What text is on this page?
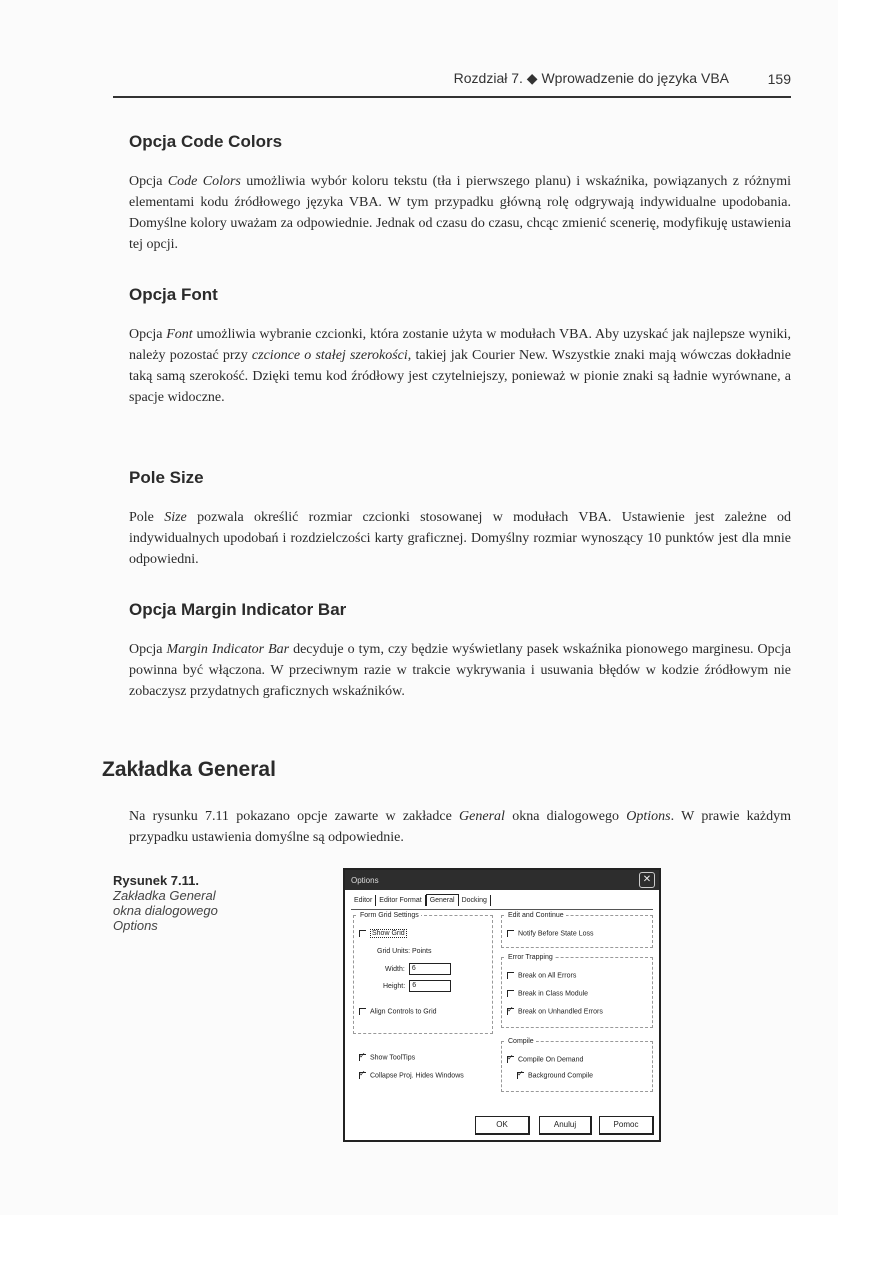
Rozdział 7. ◆ Wprowadzenie do języka VBA	159
Opcja Code Colors

Opcja Code Colors umożliwia wybór koloru tekstu (tła i pierwszego planu) i wskaźnika, powiązanych z różnymi elementami kodu źródłowego języka VBA. W tym przypadku główną rolę odgrywają indywidualne upodobania. Domyślne kolory uważam za odpowiednie. Jednak od czasu do czasu, chcąc zmienić scenerię, modyfikuję ustawienia tej opcji.

Opcja Font

Opcja Font umożliwia wybranie czcionki, która zostanie użyta w modułach VBA. Aby uzyskać jak najlepsze wyniki, należy pozostać przy czcionce o stałej szerokości, takiej jak Courier New. Wszystkie znaki mają wówczas dokładnie taką samą szerokość. Dzięki temu kod źródłowy jest czytelniejszy, ponieważ w pionie znaki są ładnie wyrównane, a spacje widoczne.

Pole Size

Pole Size pozwala określić rozmiar czcionki stosowanej w modułach VBA. Ustawienie jest zależne od indywidualnych upodobań i rozdzielczości karty graficznej. Domyślny rozmiar wynoszący 10 punktów jest dla mnie odpowiedni.

Opcja Margin Indicator Bar

Opcja Margin Indicator Bar decyduje o tym, czy będzie wyświetlany pasek wskaźnika pionowego marginesu. Opcja powinna być włączona. W przeciwnym razie w trakcie wykrywania i usuwania błędów w kodzie źródłowym nie zobaczysz przydatnych graficznych wskaźników.

Zakładka General

Na rysunku 7.11 pokazano opcje zawarte w zakładce General okna dialogowego Options. W prawie każdym przypadku ustawienia domyślne są odpowiednie.

Rysunek 7.11.
Zakładka General okna dialogowego Options
Options	✕
Editor Editor Format General Docking
Form Grid Settings
Show Grid
Grid Units: Points
Width: 6
Height: 6
Align Controls to Grid
✓Show ToolTips
✓Collapse Proj. Hides Windows
Edit and Continue
Notify Before State Loss
Error Trapping
Break on All Errors
Break in Class Module
✓Break on Unhandled Errors
Compile
✓Compile On Demand
✓Background Compile
OK	Anuluj	Pomoc
